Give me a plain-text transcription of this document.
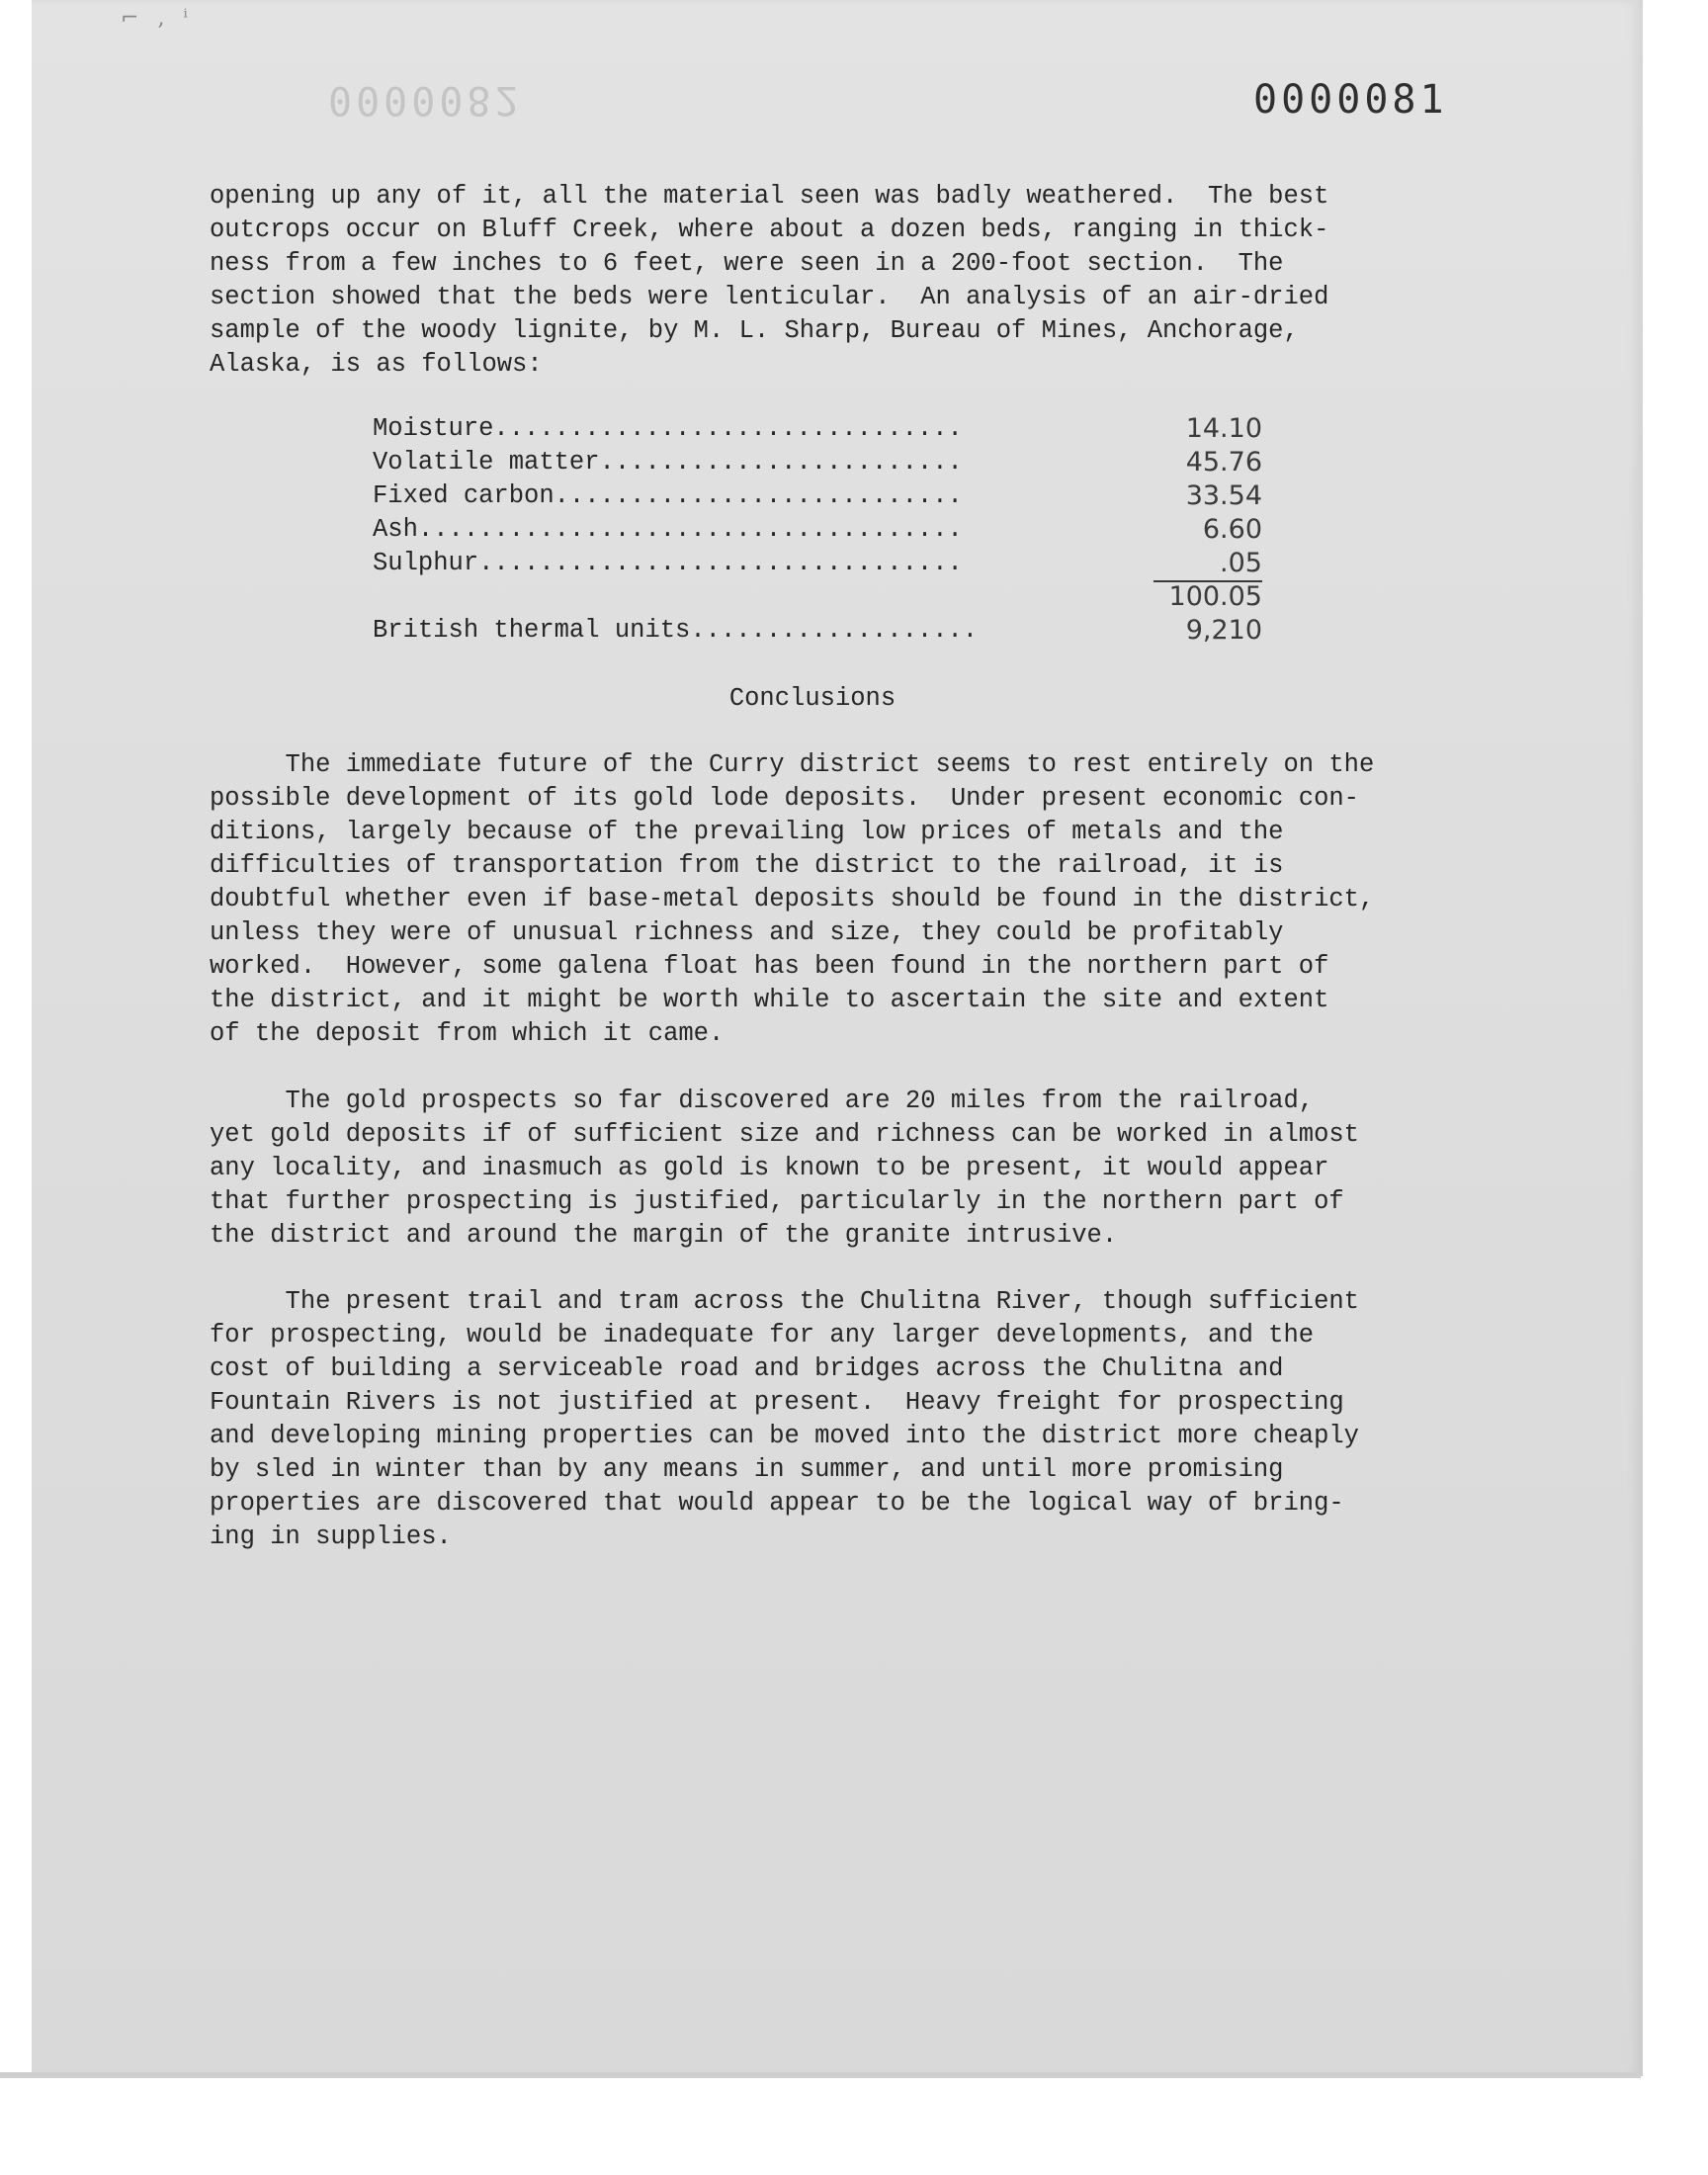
⌐ ‚ ⁱ
0000082	0000081
opening up any of it, all the material seen was badly weathered.  The best
outcrops occur on Bluff Creek, where about a dozen beds, ranging in thick-
ness from a few inches to 6 feet, were seen in a 200-foot section.  The
section showed that the beds were lenticular.  An analysis of an air-dried
sample of the woody lignite, by M. L. Sharp, Bureau of Mines, Anchorage,
Alaska, is as follows:
Moisture...............................	14.10
Volatile matter........................	45.76
Fixed carbon...........................	33.54
Ash....................................	6.60
Sulphur................................	.05
100.05
British thermal units...................	9,210
Conclusions
The immediate future of the Curry district seems to rest entirely on the
possible development of its gold lode deposits.  Under present economic con-
ditions, largely because of the prevailing low prices of metals and the
difficulties of transportation from the district to the railroad, it is
doubtful whether even if base-metal deposits should be found in the district,
unless they were of unusual richness and size, they could be profitably
worked.  However, some galena float has been found in the northern part of
the district, and it might be worth while to ascertain the site and extent
of the deposit from which it came.
The gold prospects so far discovered are 20 miles from the railroad,
yet gold deposits if of sufficient size and richness can be worked in almost
any locality, and inasmuch as gold is known to be present, it would appear
that further prospecting is justified, particularly in the northern part of
the district and around the margin of the granite intrusive.
The present trail and tram across the Chulitna River, though sufficient
for prospecting, would be inadequate for any larger developments, and the
cost of building a serviceable road and bridges across the Chulitna and
Fountain Rivers is not justified at present.  Heavy freight for prospecting
and developing mining properties can be moved into the district more cheaply
by sled in winter than by any means in summer, and until more promising
properties are discovered that would appear to be the logical way of bring-
ing in supplies.
